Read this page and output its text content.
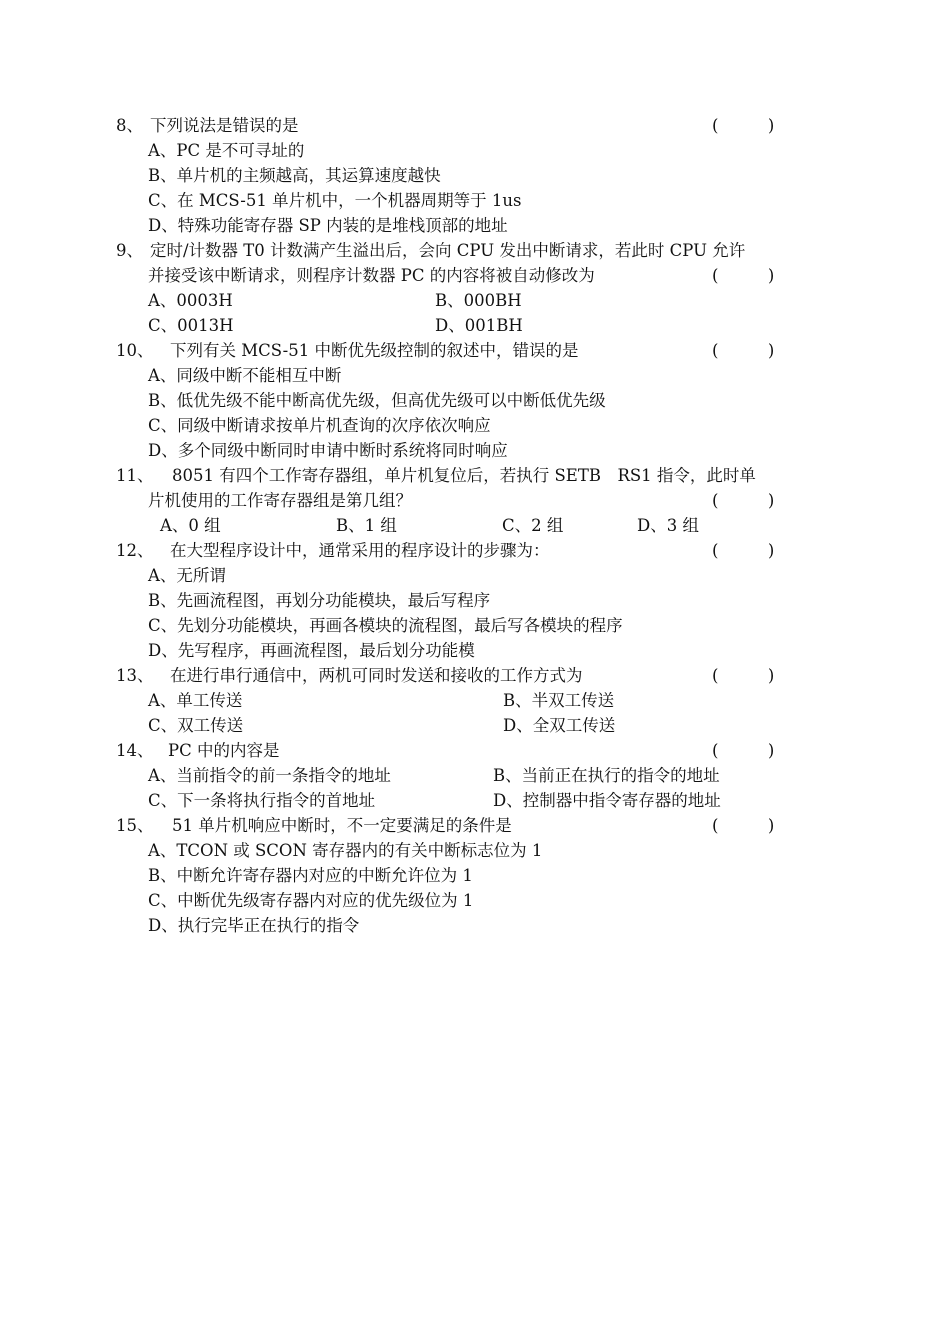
8、 下列说法是错误的是	(　　　)
A、PC 是不可寻址的
B、单片机的主频越高，其运算速度越快
C、在 MCS-51 单片机中，一个机器周期等于 1us
D、特殊功能寄存器 SP 内装的是堆栈顶部的地址
9、 定时/计数器 T0 计数满产生溢出后，会向 CPU 发出中断请求，若此时 CPU 允许
并接受该中断请求，则程序计数器 PC 的内容将被自动修改为	(　　　)
A、0003H	B、000BH
C、0013H	D、001BH
10、 下列有关 MCS-51 中断优先级控制的叙述中，错误的是	(　　　)
A、同级中断不能相互中断
B、低优先级不能中断高优先级，但高优先级可以中断低优先级
C、同级中断请求按单片机查询的次序依次响应
D、多个同级中断同时申请中断时系统将同时响应
11、 8051 有四个工作寄存器组，单片机复位后，若执行 SETB　RS1 指令，此时单
片机使用的工作寄存器组是第几组？	(　　　)
A、0 组	B、1 组	C、2 组	D、3 组
12、 在大型程序设计中，通常采用的程序设计的步骤为：	(　　　)
A、无所谓
B、先画流程图，再划分功能模块，最后写程序
C、先划分功能模块，再画各模块的流程图，最后写各模块的程序
D、先写程序，再画流程图，最后划分功能模
13、 在进行串行通信中，两机可同时发送和接收的工作方式为	(　　　)
A、单工传送	B、半双工传送
C、双工传送	D、全双工传送
14、 PC 中的内容是	(　　　)
A、当前指令的前一条指令的地址	B、当前正在执行的指令的地址
C、下一条将执行指令的首地址	D、控制器中指令寄存器的地址
15、 51 单片机响应中断时，不一定要满足的条件是	(　　　)
A、TCON 或 SCON 寄存器内的有关中断标志位为 1
B、中断允许寄存器内对应的中断允许位为 1
C、中断优先级寄存器内对应的优先级位为 1
D、执行完毕正在执行的指令
